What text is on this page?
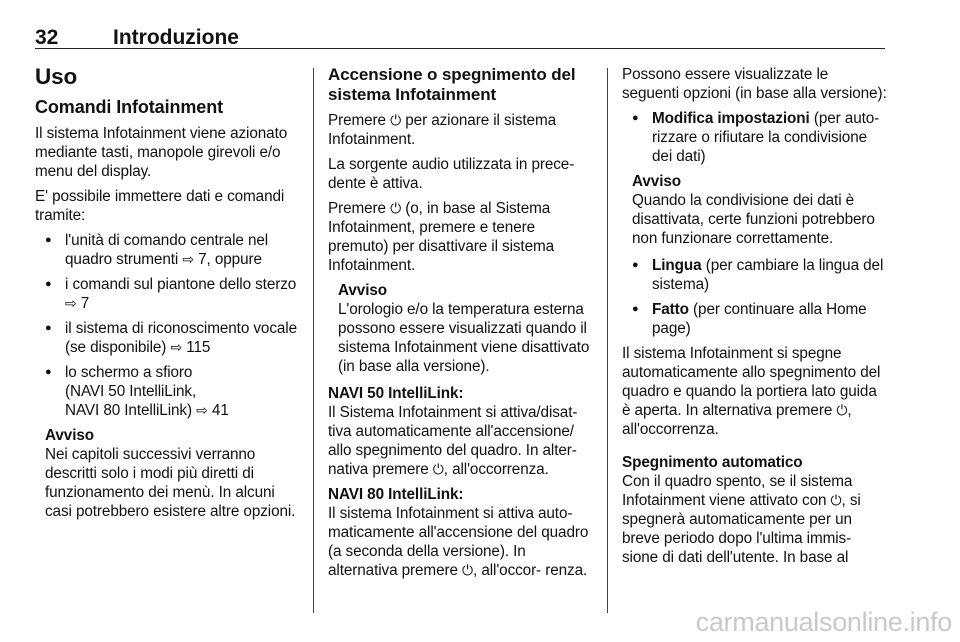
32	Introduzione
Uso
Comandi Infotainment

Il sistema Infotainment viene azionato mediante tasti, manopole girevoli e/o menu del display.

E' possibile immettere dati e comandi tramite:

● l'unità di comando centrale nel quadro strumenti ⇨ 7, oppure
● i comandi sul piantone dello sterzo ⇨ 7
● il sistema di riconoscimento vocale (se disponibile) ⇨ 115
● lo schermo a sfioro
(NAVI 50 IntelliLink,
NAVI 80 IntelliLink) ⇨ 41
Avviso
Nei capitoli successivi verranno descritti solo i modi più diretti di funzionamento dei menù. In alcuni casi potrebbero esistere altre opzioni.
Accensione o spegnimento del sistema Infotainment

Premere ⏻ per azionare il sistema Infotainment.

La sorgente audio utilizzata in prece- dente è attiva.

Premere ⏻ (o, in base al Sistema Infotainment, premere e tenere premuto) per disattivare il sistema Infotainment.

Avviso
L'orologio e/o la temperatura esterna possono essere visualizzati quando il sistema Infotainment viene disattivato (in base alla versione).

NAVI 50 IntelliLink:
Il Sistema Infotainment si attiva/disat- tiva automaticamente all'accensione/ allo spegnimento del quadro. In alter- nativa premere ⏻, all'occorrenza.

NAVI 80 IntelliLink:
Il sistema Infotainment si attiva auto- maticamente all'accensione del quadro (a seconda della versione). In alternativa premere ⏻, all'occor- renza.

Possono essere visualizzate le seguenti opzioni (in base alla versione):

● Modifica impostazioni (per auto- rizzare o rifiutare la condivisione dei dati)
Avviso
Quando la condivisione dei dati è disattivata, certe funzioni potrebbero non funzionare correttamente.
● Lingua (per cambiare la lingua del sistema)
● Fatto (per continuare alla Home page)

Il sistema Infotainment si spegne automaticamente allo spegnimento del quadro e quando la portiera lato guida è aperta. In alternativa premere ⏻, all'occorrenza.

Spegnimento automatico
Con il quadro spento, se il sistema Infotainment viene attivato con ⏻, si spegnerà automaticamente per un breve periodo dopo l'ultima immis- sione di dati dell'utente. In base al

carmanualsonline.info
